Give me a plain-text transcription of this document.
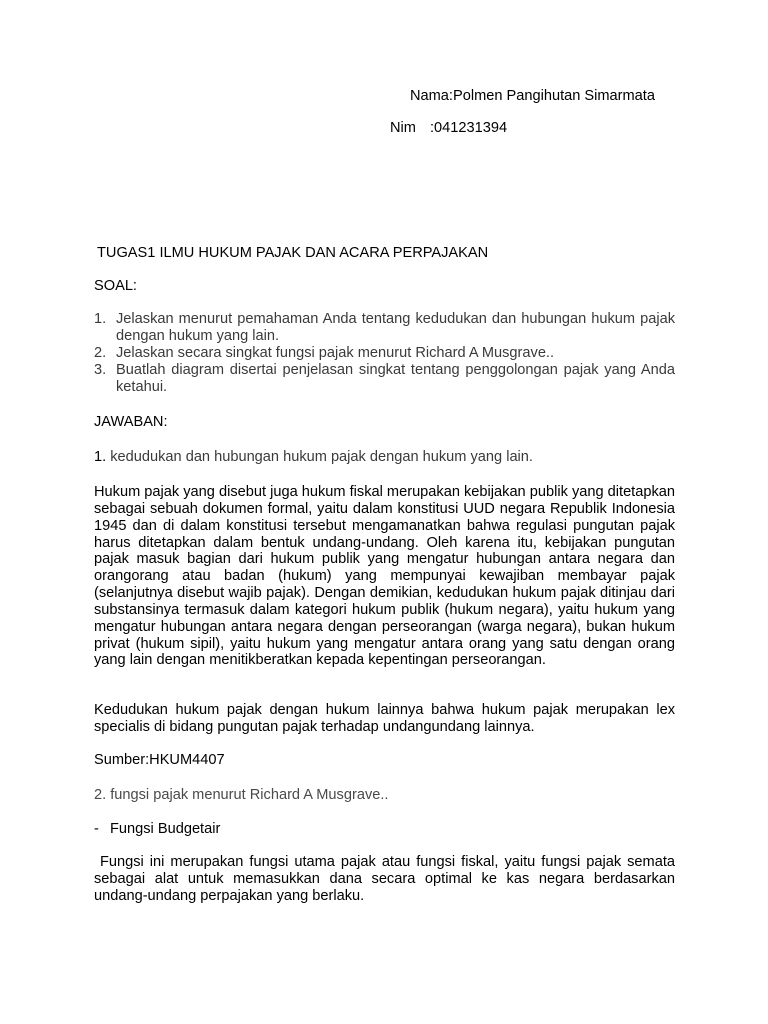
Nama:Polmen Pangihutan Simarmata
Nim :041231394
TUGAS1 ILMU HUKUM PAJAK DAN ACARA PERPAJAKAN
SOAL:
1. Jelaskan menurut pemahaman Anda tentang kedudukan dan hubungan hukum pajak dengan hukum yang lain.
2. Jelaskan secara singkat fungsi pajak menurut Richard A Musgrave..
3. Buatlah diagram disertai penjelasan singkat tentang penggolongan pajak yang Anda ketahui.
JAWABAN:
1. kedudukan dan hubungan hukum pajak dengan hukum yang lain.

Hukum pajak yang disebut juga hukum fiskal merupakan kebijakan publik yang ditetapkan sebagai sebuah dokumen formal, yaitu dalam konstitusi UUD negara Republik Indonesia 1945 dan di dalam konstitusi tersebut mengamanatkan bahwa regulasi pungutan pajak harus ditetapkan dalam bentuk undang-undang. Oleh karena itu, kebijakan pungutan pajak masuk bagian dari hukum publik yang mengatur hubungan antara negara dan orangorang atau badan (hukum) yang mempunyai kewajiban membayar pajak (selanjutnya disebut wajib pajak). Dengan demikian, kedudukan hukum pajak ditinjau dari substansinya termasuk dalam kategori hukum publik (hukum negara), yaitu hukum yang mengatur hubungan antara negara dengan perseorangan (warga negara), bukan hukum privat (hukum sipil), yaitu hukum yang mengatur antara orang yang satu dengan orang yang lain dengan menitikberatkan kepada kepentingan perseorangan.

Kedudukan hukum pajak dengan hukum lainnya bahwa hukum pajak merupakan lex specialis di bidang pungutan pajak terhadap undangundang lainnya.

Sumber:HKUM4407
2. fungsi pajak menurut Richard A Musgrave..
- Fungsi Budgetair

Fungsi ini merupakan fungsi utama pajak atau fungsi fiskal, yaitu fungsi pajak semata sebagai alat untuk memasukkan dana secara optimal ke kas negara berdasarkan undang-undang perpajakan yang berlaku.
